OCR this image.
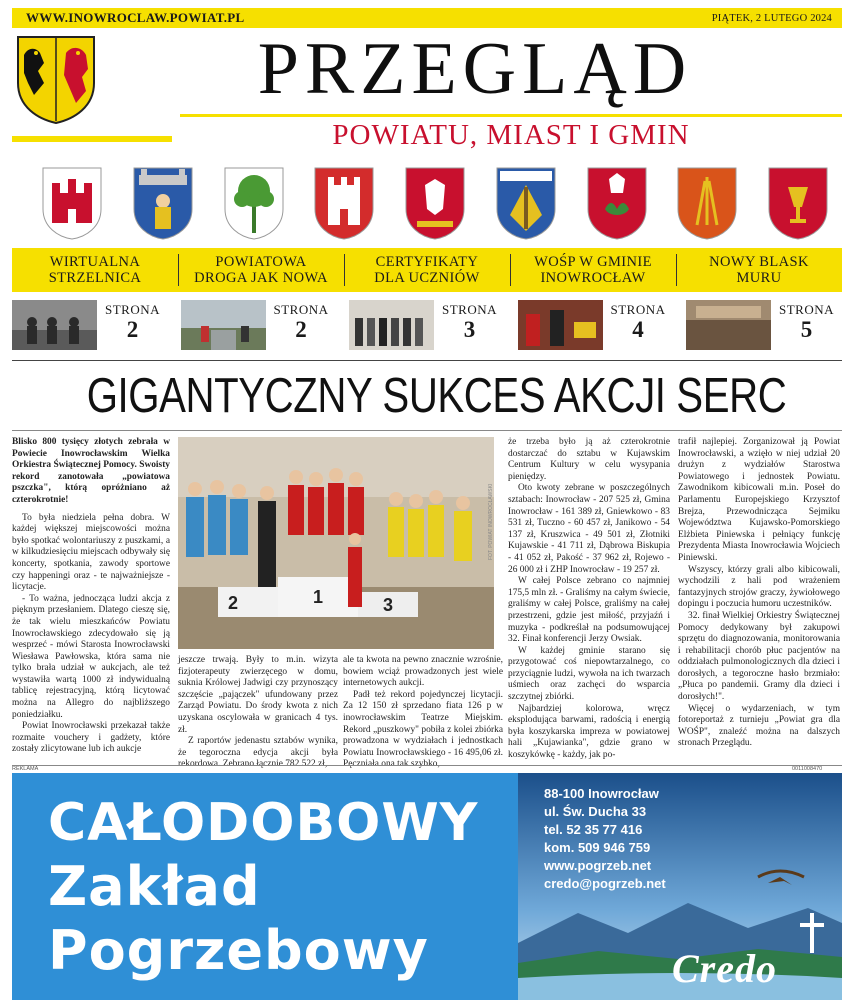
WWW.INOWROCLAW.POWIAT.PL	PIĄTEK, 2 LUTEGO 2024
PRZEGLĄD
POWIATU, MIAST I GMIN
WIRTUALNA
STRZELNICA
POWIATOWA
DROGA JAK NOWA
CERTYFIKATY
DLA UCZNIÓW
WOŚP W GMINIE
INOWROCŁAW
NOWY BLASK
MURU
STRONA
2
STRONA
2
STRONA
3
STRONA
4
STRONA
5
GIGANTYCZNY SUKCES AKCJI SERC

Blisko 800 tysięcy złotych zebrała w Powiecie Inowrocławskim Wielka Orkiestra Świątecznej Pomocy. Swoisty rekord zanotowała „powiatowa pszczka", którą opróżniano aż czterokrotnie!

To była niedziela pełna dobra. W każdej większej miejscowości można było spotkać wolontariuszy z puszkami, a w kilkudziesięciu miejscach odbywały się koncerty, spotkania, zawody sportowe czy happeningi oraz - te najważniejsze - licytacje.

- To ważna, jednocząca ludzi akcja z pięknym przesłaniem. Dlatego cieszę się, że tak wielu mieszkańców Powiatu Inowrocławskiego zdecydowało się ją wesprzeć - mówi Starosta Inowrocławski Wiesława Pawłowska, która sama nie tylko brała udział w aukcjach, ale też wystawiła wartą 1000 zł indywidualną tablicę rejestracyjną, którą licytować można na Allegro do najbliższego poniedziałku.

Powiat Inowrocławski przekazał także rozmaite vouchery i gadżety, które zostały zlicytowane lub ich aukcje

2	1	3
FOT. POWIAT INOWROCŁAWSKI

jeszcze trwają. Były to m.in. wizyta fizjoterapeuty zwierzęcego w domu, suknia Królowej Jadwigi czy przynoszący szczęście „pajączek" ufundowany przez Zarząd Powiatu. Do środy kwota z nich uzyskana oscylowała w granicach 4 tys. zł.

Z raportów jedenastu sztabów wynika, że tegoroczna edycja akcji była

ale ta kwota na pewno znacznie wzrośnie, bowiem wciąż prowadzonych jest wiele internetowych aukcji.

Padł też rekord pojedynczej licytacji. Za 12 150 zł sprzedano fiata 126 p w inowrocławskim Teatrze Miejskim. Rekord „puszkowy" pobiła z kolei zbiórka prowadzona w wydziałach i jednostkach Powiatu Inowrocławskiego - 16 495,06 zł.

że trzeba było ją aż czterokrotnie dostarczać do sztabu w Kujawskim Centrum Kultury w celu wysypania pieniędzy.

Oto kwoty zebrane w poszczególnych sztabach: Inowrocław - 207 525 zł, Gmina Inowrocław - 161 389 zł, Gniewkowo - 83 531 zł, Tuczno - 60 457 zł, Janikowo - 54 137 zł, Kruszwica - 49 501 zł, Złotniki Kujawskie - 41 711 zł, Dąbrowa Biskupia - 41 052 zł, Pakość - 37 962 zł, Rojewo - 26 000 zł i ZHP Inowrocław - 19 257 zł.

W całej Polsce zebrano co najmniej 175,5 mln zł. - Graliśmy na całym świecie, graliśmy w całej Polsce, graliśmy na całej przestrzeni, gdzie jest miłość, przyjaźń i muzyka - podkreślał na podsumowującej 32. Finał konferencji Jerzy Owsiak.

W każdej gminie starano się przygotować coś niepowtarzalnego, co przyciągnie ludzi, wywoła na ich twarzach uśmiech oraz zachęci do wsparcia szczytnej zbiórki.

Najbardziej kolorowa, wręcz eksplodująca barwami, radością i energią była koszykarska impreza w powiatowej hali „Kujawianka", gdzie grano w koszykówkę - każdy, jak po-

trafił najlepiej. Zorganizował ją Powiat Inowrocławski, a wzięło w niej udział 20 drużyn z wydziałów Starostwa Powiatowego i jednostek Powiatu. Zawodnikom kibicowali m.in. Poseł do Parlamentu Europejskiego Krzysztof Brejza, Przewodnicząca Sejmiku Województwa Kujawsko-Pomorskiego Elżbieta Piniewska i pełniący funkcję Prezydenta Miasta Inowrocławia Wojciech Piniewski.

Wszyscy, którzy grali albo kibicowali, wychodzili z hali pod wrażeniem fantazyjnych strojów graczy, żywiołowego dopingu i poczucia humoru uczestników.

32. finał Wielkiej Orkiestry Świątecznej Pomocy dedykowany był zakupowi sprzętu do diagnozowania, monitorowania i rehabilitacji chorób płuc pacjentów na oddziałach pulmonologicznych dla dzieci i dorosłych, a tegoroczne hasło brzmiało: „Płuca po pandemii. Gramy dla dzieci i dorosłych!".

Więcej o wydarzeniach, w tym fotoreportaż z turnieju „Powiat gra dla WOŚP", znaleźć można na dalszych stronach Przeglądu.

REKLAMA	0011008470
CAŁODOBOWY
Zakład
Pogrzebowy
88-100 Inowrocław
ul. Św. Ducha 33
tel. 52 35 77 416
kom. 509 946 759
www.pogrzeb.net
credo@pogrzeb.net
Credo
